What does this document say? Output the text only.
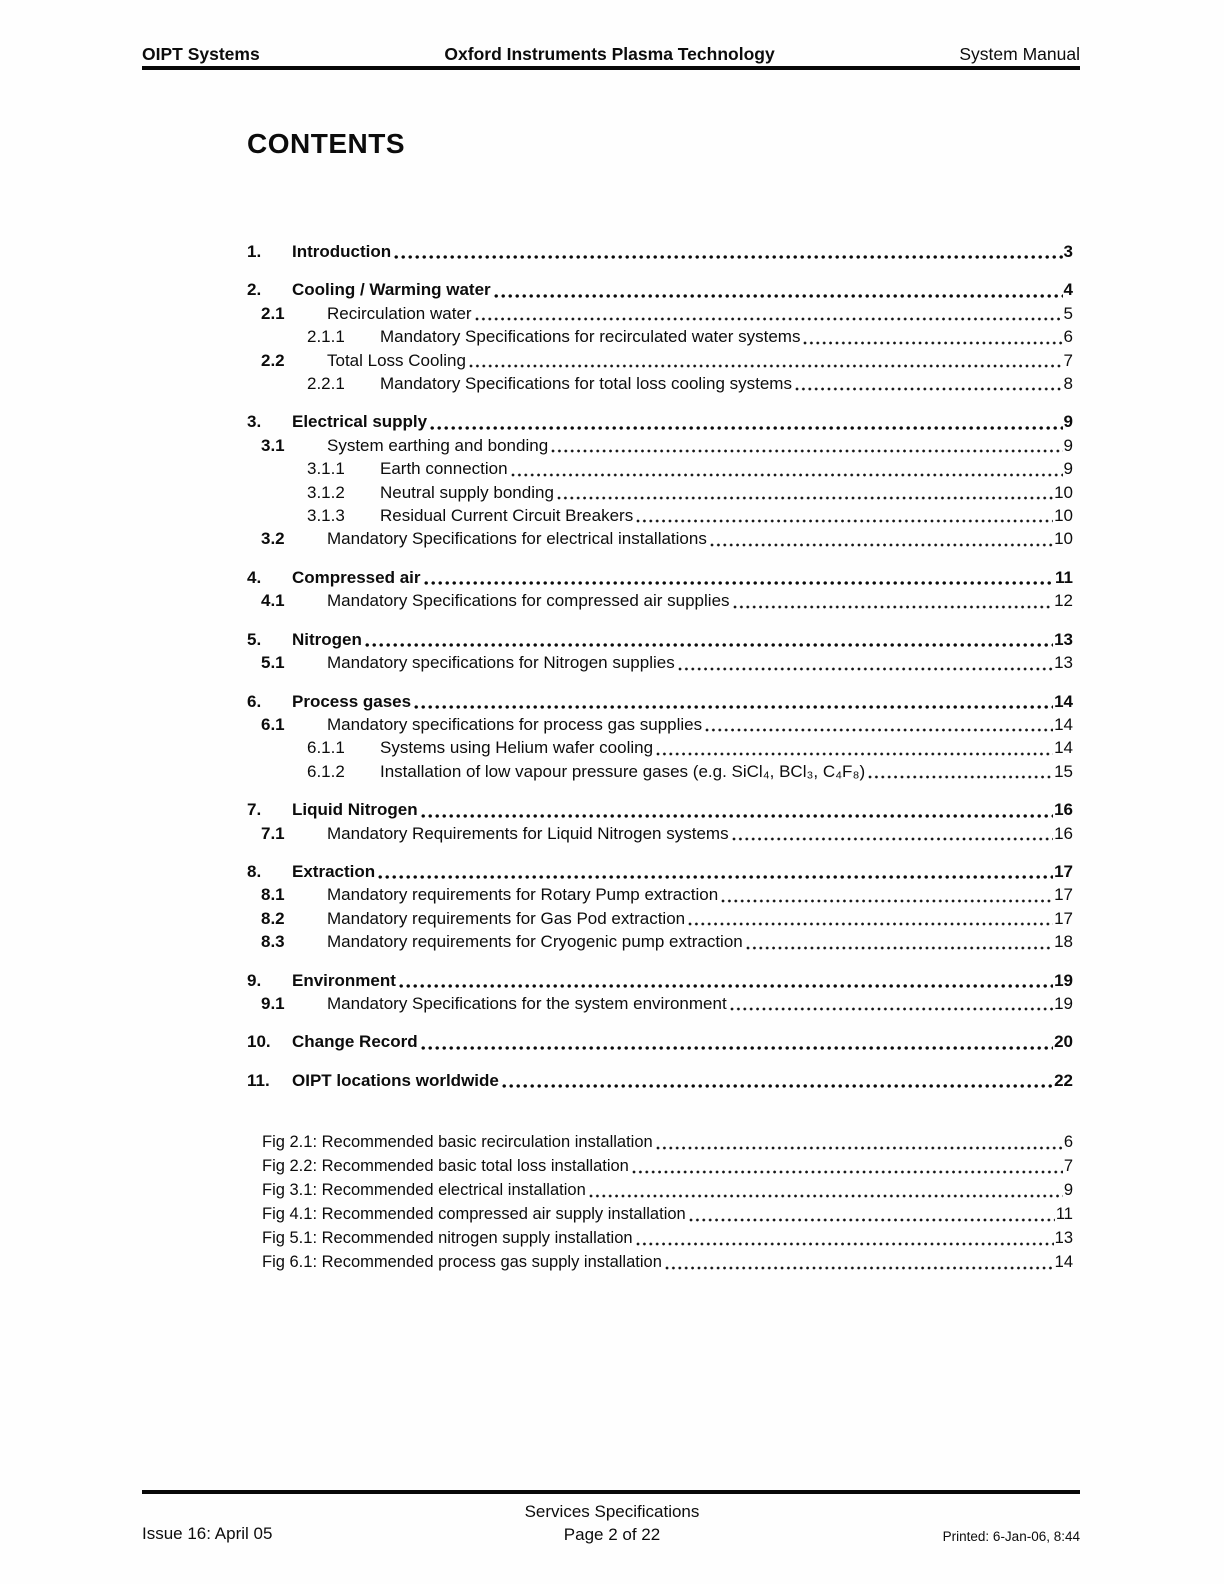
OIPT Systems	Oxford Instruments Plasma Technology	System Manual
CONTENTS
1.	Introduction	3
2.	Cooling / Warming water	4
2.1	Recirculation water	5
2.1.1	Mandatory Specifications for recirculated water systems	6
2.2	Total Loss Cooling	7
2.2.1	Mandatory Specifications for total loss cooling systems	8
3.	Electrical supply	9
3.1	System earthing and bonding	9
3.1.1	Earth connection	9
3.1.2	Neutral supply bonding	10
3.1.3	Residual Current Circuit Breakers	10
3.2	Mandatory Specifications for electrical installations	10
4.	Compressed air	11
4.1	Mandatory Specifications for compressed air supplies	12
5.	Nitrogen	13
5.1	Mandatory specifications for Nitrogen supplies	13
6.	Process gases	14
6.1	Mandatory specifications for process gas supplies	14
6.1.1	Systems using Helium wafer cooling	14
6.1.2	Installation of low vapour pressure gases (e.g. SiCl₄, BCl₃, C₄F₈)	15
7.	Liquid Nitrogen	16
7.1	Mandatory Requirements for Liquid Nitrogen systems	16
8.	Extraction	17
8.1	Mandatory requirements for Rotary Pump extraction	17
8.2	Mandatory requirements for Gas Pod extraction	17
8.3	Mandatory requirements for Cryogenic pump extraction	18
9.	Environment	19
9.1	Mandatory Specifications for the system environment	19
10.	Change Record	20
11.	OIPT locations worldwide	22
Fig 2.1: Recommended basic recirculation installation	6
Fig 2.2: Recommended basic total loss installation	7
Fig 3.1: Recommended electrical installation	9
Fig 4.1: Recommended compressed air supply installation	11
Fig 5.1: Recommended nitrogen supply installation	13
Fig 6.1: Recommended process gas supply installation	14
Services Specifications
Page 2 of 22
Issue 16: April 05	Printed: 6-Jan-06, 8:44
